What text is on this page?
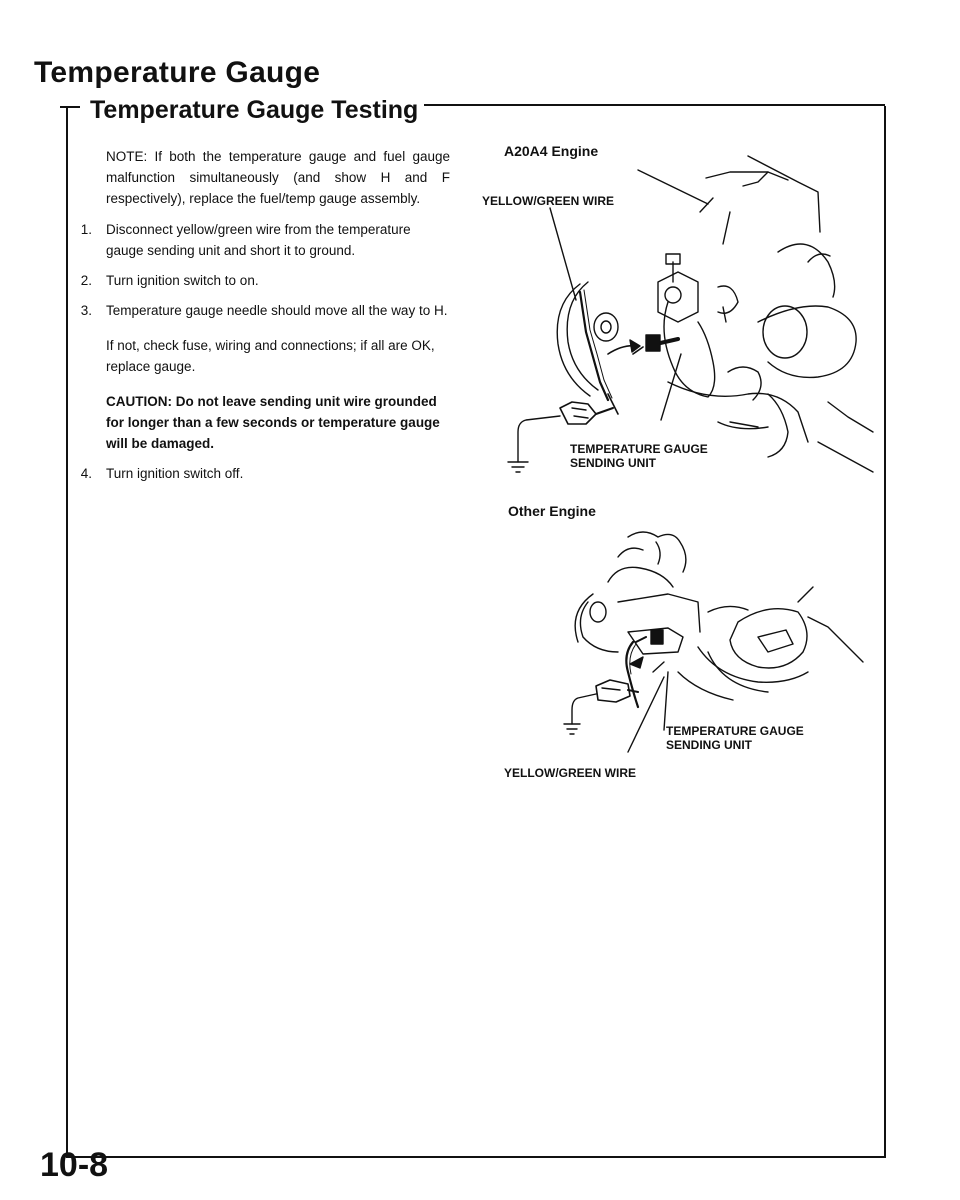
Temperature Gauge
Temperature Gauge Testing

NOTE: If both the temperature gauge and fuel gauge malfunction simultaneously (and show H and F respectively), replace the fuel/temp gauge assembly.

1. Disconnect yellow/green wire from the temperature gauge sending unit and short it to ground.

2. Turn ignition switch to on.

3. Temperature gauge needle should move all the way to H.

If not, check fuse, wiring and connections; if all are OK, replace gauge.

CAUTION: Do not leave sending unit wire grounded for longer than a few seconds or temperature gauge will be damaged.

4. Turn ignition switch off.

A20A4 Engine
YELLOW/GREEN WIRE
TEMPERATURE GAUGE
SENDING UNIT
Other Engine
TEMPERATURE GAUGE
SENDING UNIT
YELLOW/GREEN WIRE

10-8
